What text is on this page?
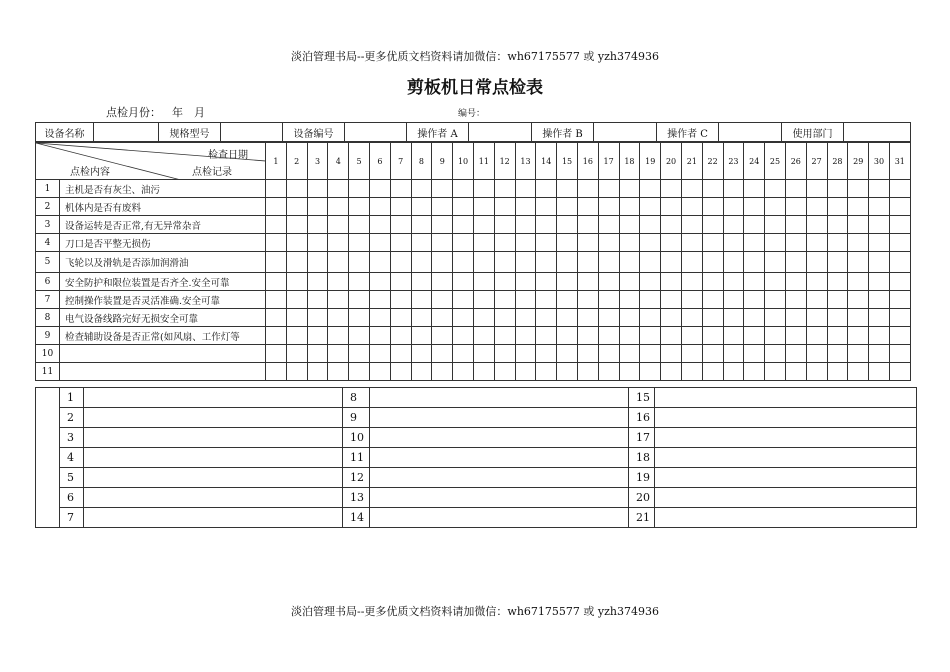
淡泊管理书局--更多优质文档资料请加微信：wh67175577 或 yzh374936
剪板机日常点检表
点检月份： 年 月	编号：
设备名称		规格型号		设备编号		操作者 A		操作者 B		操作者 C		使用部门	
检查日期
点检内容 点检记录		1	2	3	4	5	6	7	8	9	10	11	12	13	14	15	16	17	18	19	20	21	22	23	24	25	26	27	28	29	30	31
1	主机是否有灰尘、油污																															
2	机体内是否有废料																															
3	设备运转是否正常,有无异常杂音																															
4	刀口是否平整无损伤																															
5	飞轮以及滑轨是否添加润滑油																															
6	安全防护和限位装置是否齐全.安全可靠																															
7	控制操作装置是否灵活准确.安全可靠																															
8	电气设备线路完好无损安全可靠																															
9	检查辅助设备是否正常(如风扇、工作灯等																															
10																																
11																																
	1		8		15	
	2		9		16	
	3		10		17	
	4		11		18	
	5		12		19	
	6		13		20	
	7		14		21	
淡泊管理书局--更多优质文档资料请加微信：wh67175577 或 yzh374936
